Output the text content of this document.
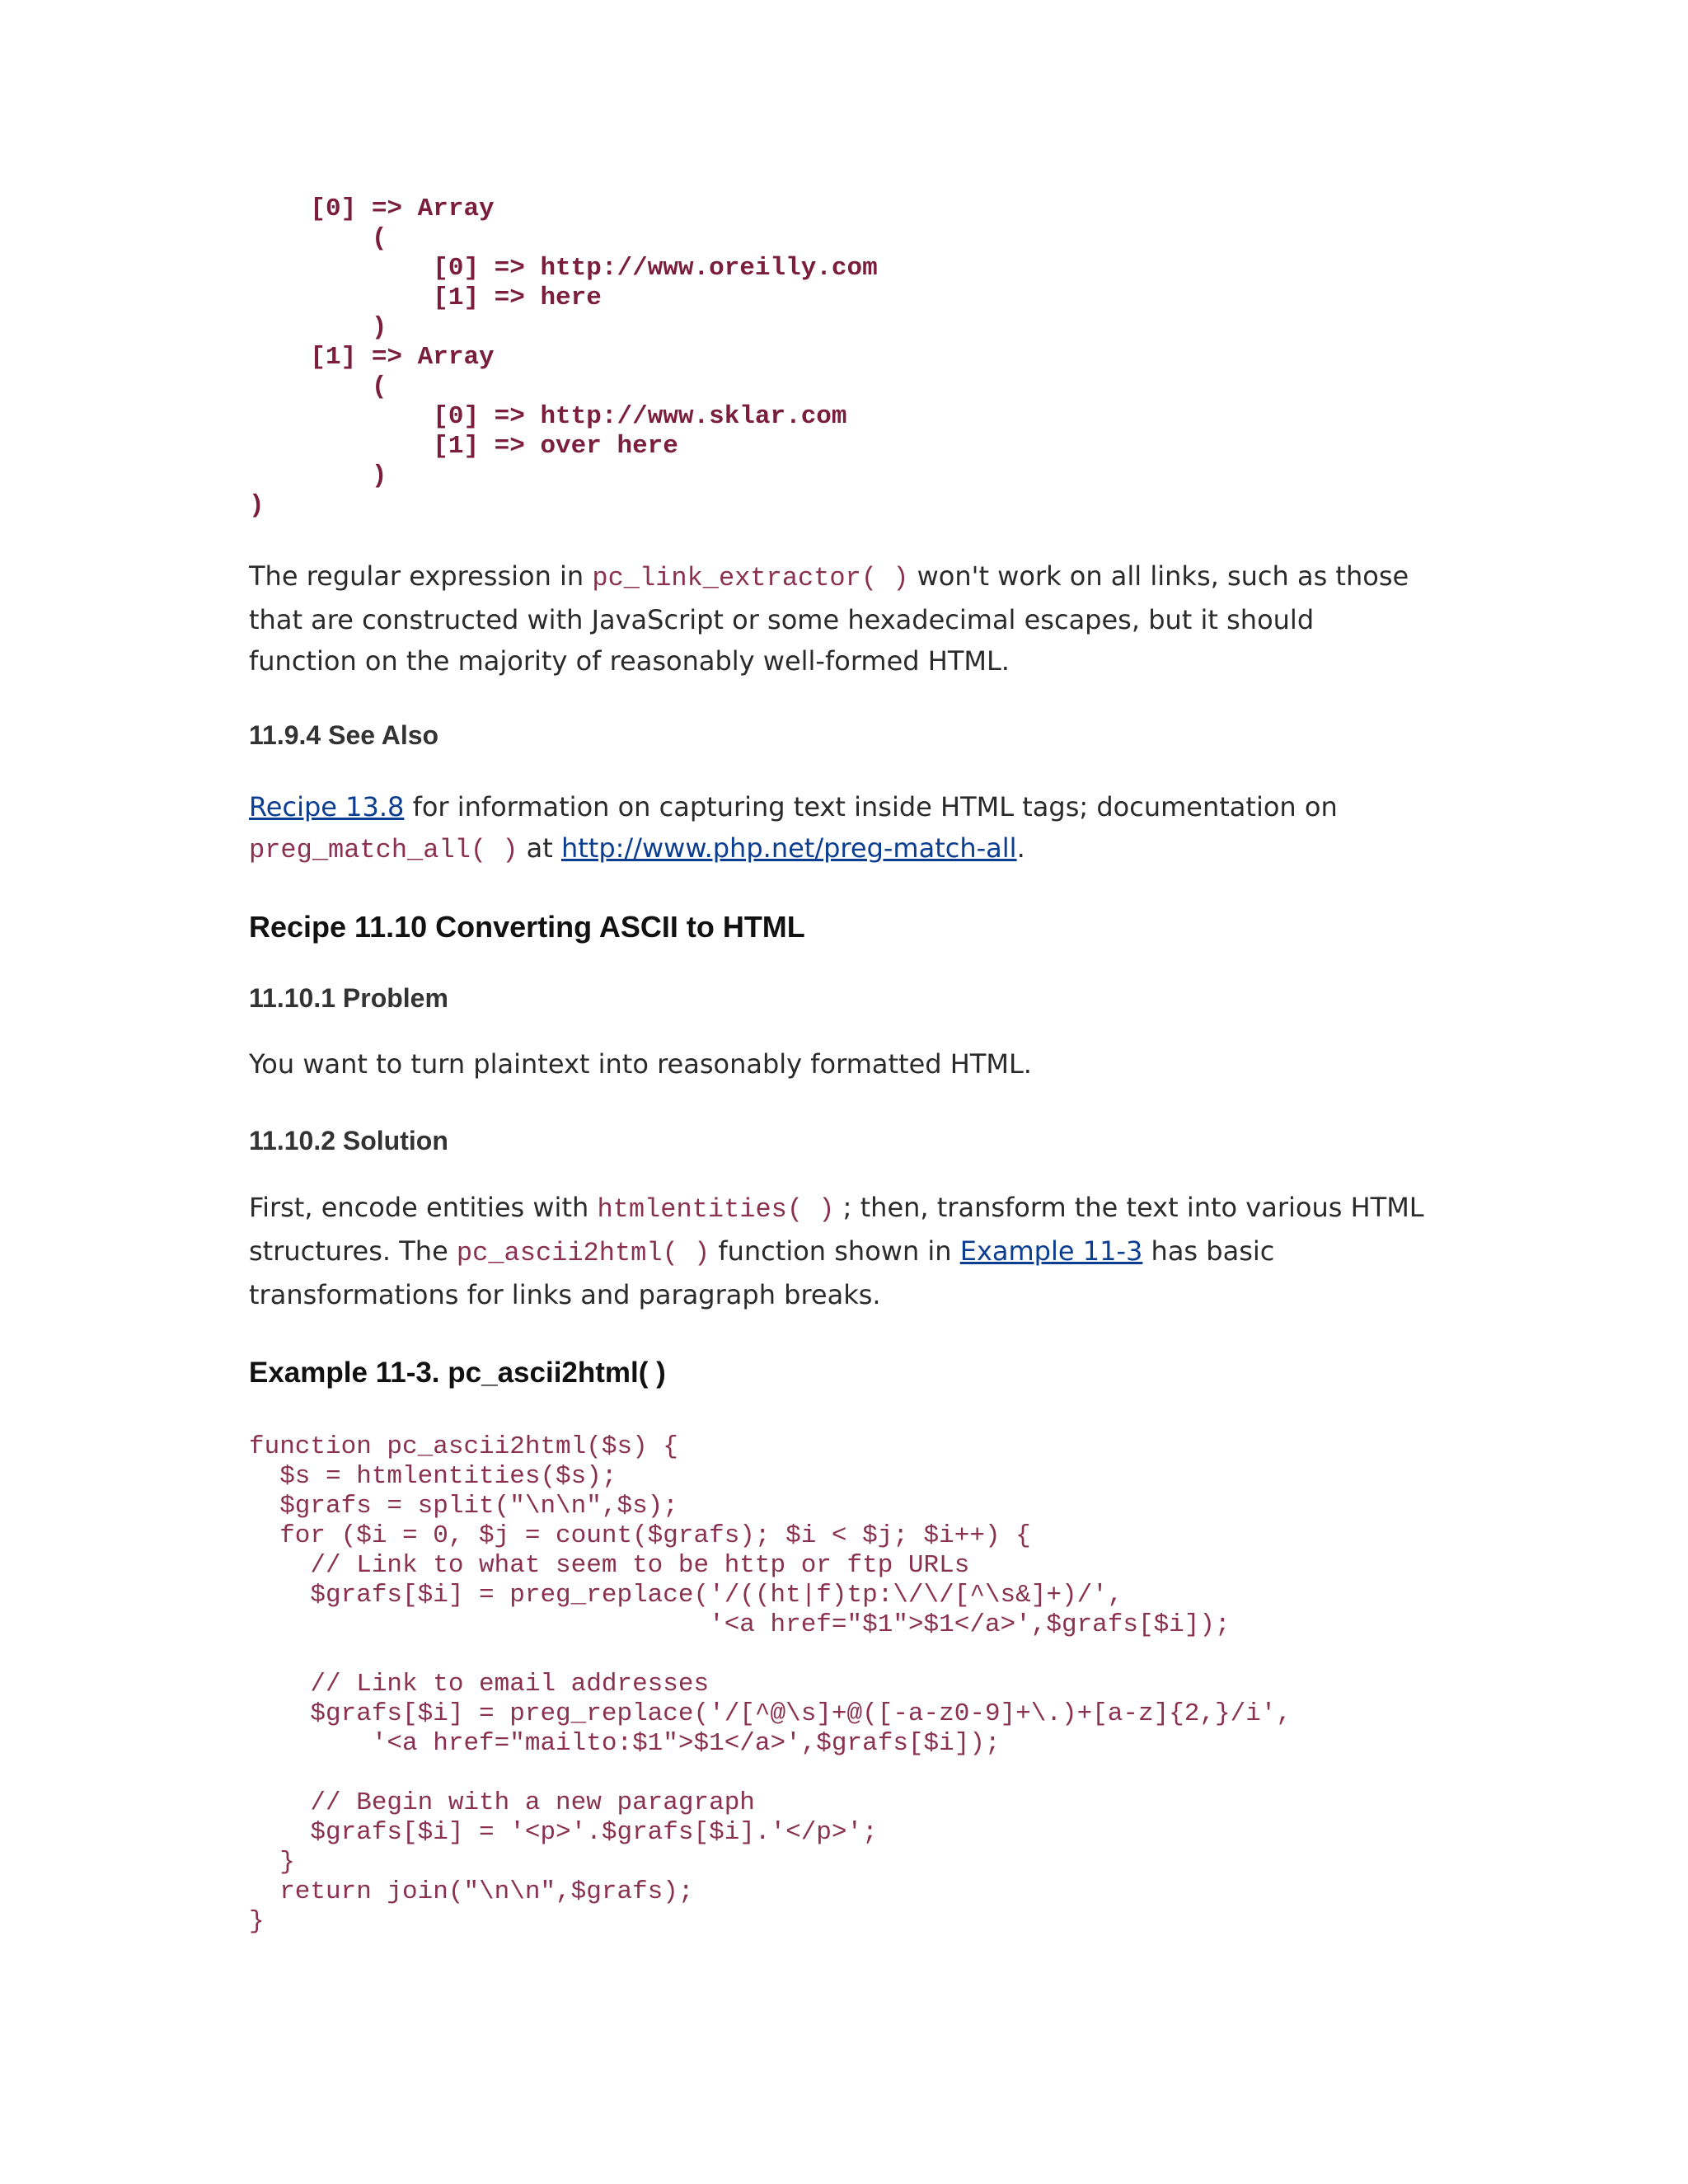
[0] => Array
(
[0] => http://www.oreilly.com
[1] => here
)
[1] => Array
(
[0] => http://www.sklar.com
[1] => over here
)
)

The regular expression in pc_link_extractor( ) won't work on all links, such as those that are constructed with JavaScript or some hexadecimal escapes, but it should function on the majority of reasonably well-formed HTML.

11.9.4 See Also

Recipe 13.8 for information on capturing text inside HTML tags; documentation on preg_match_all( ) at http://www.php.net/preg-match-all.

Recipe 11.10 Converting ASCII to HTML
11.10.1 Problem

You want to turn plaintext into reasonably formatted HTML.

11.10.2 Solution

First, encode entities with htmlentities( ) ; then, transform the text into various HTML structures. The pc_ascii2html( ) function shown in Example 11-3 has basic transformations for links and paragraph breaks.

Example 11-3. pc_ascii2html( )
function pc_ascii2html($s) {
$s = htmlentities($s);
$grafs = split("\n\n",$s);
for ($i = 0, $j = count($grafs); $i < $j; $i++) {
// Link to what seem to be http or ftp URLs
$grafs[$i] = preg_replace('/((ht|f)tp:\/\/[^\s&]+)/',
'<a href="$1">$1</a>',$grafs[$i]);

// Link to email addresses
$grafs[$i] = preg_replace('/[^@\s]+@([-a-z0-9]+\.)+[a-z]{2,}/i',
'<a href="mailto:$1">$1</a>',$grafs[$i]);

// Begin with a new paragraph
$grafs[$i] = '<p>'.$grafs[$i].'</p>';
}
return join("\n\n",$grafs);
}
